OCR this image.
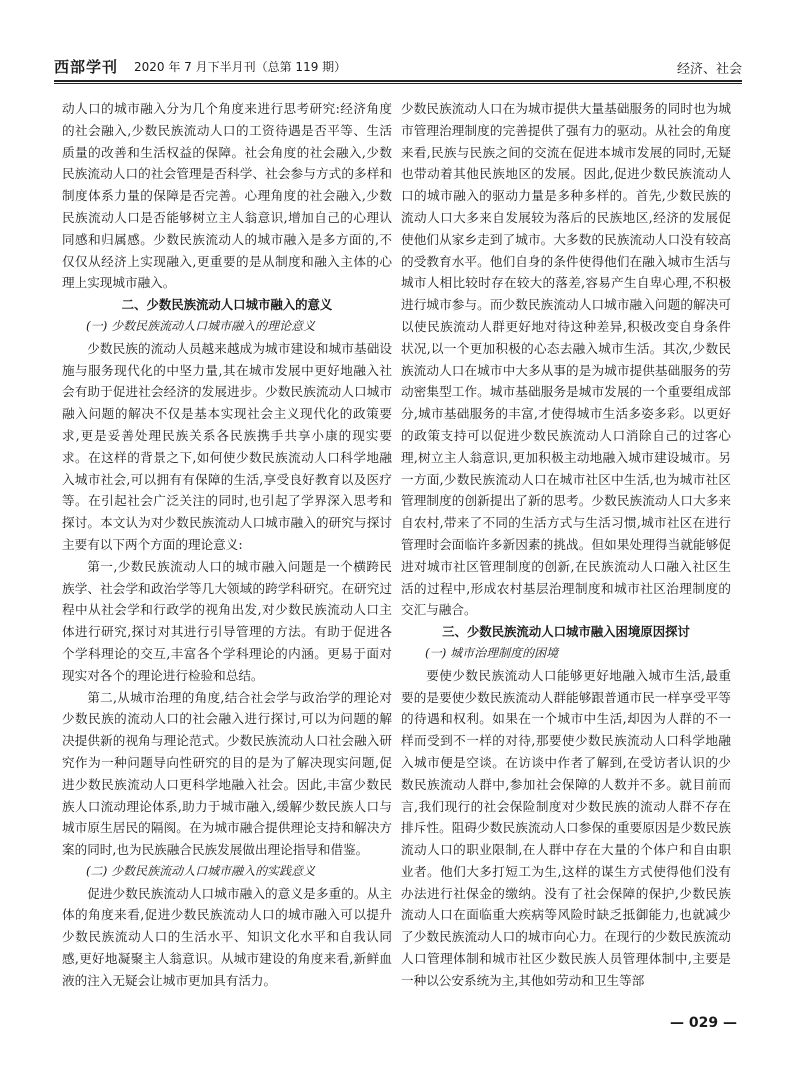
西部学刊 2020 年 7 月下半月刊（总第 119 期）	经济、社会

动人口的城市融入分为几个角度来进行思考研究:经济角度的社会融入,少数民族流动人口的工资待遇是否平等、生活质量的改善和生活权益的保障。社会角度的社会融入,少数民族流动人口的社会管理是否科学、社会参与方式的多样和制度体系力量的保障是否完善。心理角度的社会融入,少数民族流动人口是否能够树立主人翁意识,增加自己的心理认同感和归属感。少数民族流动人的城市融入是多方面的,不仅仅从经济上实现融入,更重要的是从制度和融入主体的心理上实现城市融入。

二、少数民族流动人口城市融入的意义
(一) 少数民族流动人口城市融入的理论意义

少数民族的流动人员越来越成为城市建设和城市基础设施与服务现代化的中坚力量,其在城市发展中更好地融入社会有助于促进社会经济的发展进步。少数民族流动人口城市融入问题的解决不仅是基本实现社会主义现代化的政策要求,更是妥善处理民族关系各民族携手共享小康的现实要求。在这样的背景之下,如何使少数民族流动人口科学地融入城市社会,可以拥有有保障的生活,享受良好教育以及医疗等。在引起社会广泛关注的同时,也引起了学界深入思考和探讨。本文认为对少数民族流动人口城市融入的研究与探讨主要有以下两个方面的理论意义:

第一,少数民族流动人口的城市融入问题是一个横跨民族学、社会学和政治学等几大领域的跨学科研究。在研究过程中从社会学和行政学的视角出发,对少数民族流动人口主体进行研究,探讨对其进行引导管理的方法。有助于促进各个学科理论的交互,丰富各个学科理论的内涵。更易于面对现实对各个的理论进行检验和总结。

第二,从城市治理的角度,结合社会学与政治学的理论对少数民族的流动人口的社会融入进行探讨,可以为问题的解决提供新的视角与理论范式。少数民族流动人口社会融入研究作为一种问题导向性研究的目的是为了解决现实问题,促进少数民族流动人口更科学地融入社会。因此,丰富少数民族人口流动理论体系,助力于城市融入,缓解少数民族人口与城市原生居民的隔阂。在为城市融合提供理论支持和解决方案的同时,也为民族融合民族发展做出理论指导和借鉴。

(二) 少数民族流动人口城市融入的实践意义

促进少数民族流动人口城市融入的意义是多重的。从主体的角度来看,促进少数民族流动人口的城市融入可以提升少数民族流动人口的生活水平、知识文化水平和自我认同感,更好地凝聚主人翁意识。从城市建设的角度来看,新鲜血液的注入无疑会让城市更加具有活力。

少数民族流动人口在为城市提供大量基础服务的同时也为城市管理治理制度的完善提供了强有力的驱动。从社会的角度来看,民族与民族之间的交流在促进本城市发展的同时,无疑也带动着其他民族地区的发展。因此,促进少数民族流动人口的城市融入的驱动力量是多种多样的。首先,少数民族的流动人口大多来自发展较为落后的民族地区,经济的发展促使他们从家乡走到了城市。大多数的民族流动人口没有较高的受教育水平。他们自身的条件使得他们在融入城市生活与城市人相比较时存在较大的落差,容易产生自卑心理,不积极进行城市参与。而少数民族流动人口城市融入问题的解决可以使民族流动人群更好地对待这种差异,积极改变自身条件状况,以一个更加积极的心态去融入城市生活。其次,少数民族流动人口在城市中大多从事的是为城市提供基础服务的劳动密集型工作。城市基础服务是城市发展的一个重要组成部分,城市基础服务的丰富,才使得城市生活多姿多彩。以更好的政策支持可以促进少数民族流动人口消除自己的过客心理,树立主人翁意识,更加积极主动地融入城市建设城市。另一方面,少数民族流动人口在城市社区中生活,也为城市社区管理制度的创新提出了新的思考。少数民族流动人口大多来自农村,带来了不同的生活方式与生活习惯,城市社区在进行管理时会面临许多新因素的挑战。但如果处理得当就能够促进对城市社区管理制度的创新,在民族流动人口融入社区生活的过程中,形成农村基层治理制度和城市社区治理制度的交汇与融合。

三、少数民族流动人口城市融入困境原因探讨
(一) 城市治理制度的困境

要使少数民族流动人口能够更好地融入城市生活,最重要的是要使少数民族流动人群能够跟普通市民一样享受平等的待遇和权利。如果在一个城市中生活,却因为人群的不一样而受到不一样的对待,那要使少数民族流动人口科学地融入城市便是空谈。在访谈中作者了解到,在受访者认识的少数民族流动人群中,参加社会保障的人数并不多。就目前而言,我们现行的社会保险制度对少数民族的流动人群不存在排斥性。阻碍少数民族流动人口参保的重要原因是少数民族流动人口的职业限制,在人群中存在大量的个体户和自由职业者。他们大多打短工为生,这样的谋生方式使得他们没有办法进行社保金的缴纳。没有了社会保障的保护,少数民族流动人口在面临重大疾病等风险时缺乏抵御能力,也就减少了少数民族流动人口的城市向心力。在现行的少数民族流动人口管理体制和城市社区少数民族人员管理体制中,主要是一种以公安系统为主,其他如劳动和卫生等部

— 029 —
